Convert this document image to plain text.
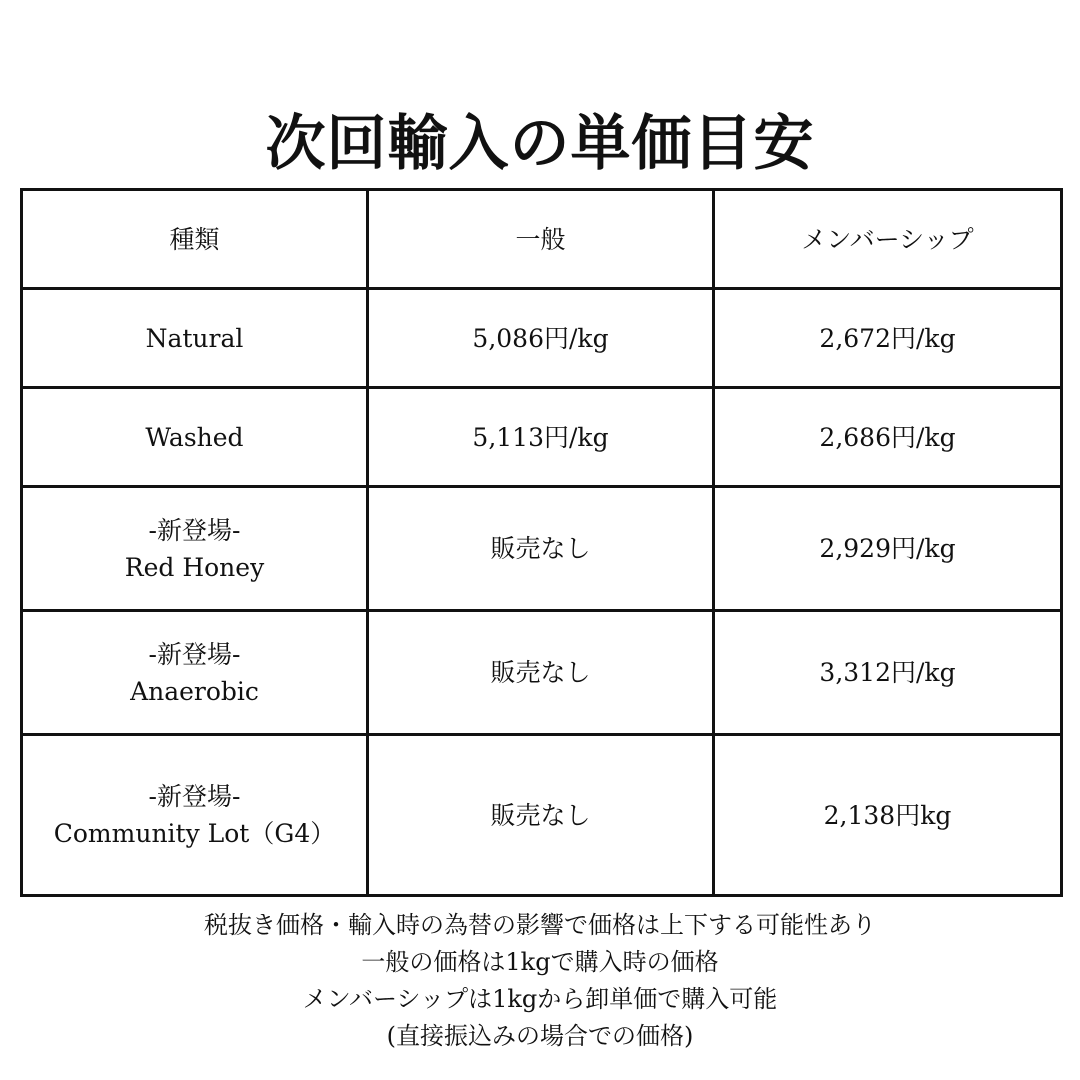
次回輸入の単価目安
種類	一般	メンバーシップ

Natural	5,086円/kg	2,672円/kg

Washed	5,113円/kg	2,686円/kg

-新登場-
Red Honey	販売なし	2,929円/kg

-新登場-
Anaerobic	販売なし	3,312円/kg

-新登場-
Community Lot（G4）	販売なし	2,138円kg
税抜き価格・輸入時の為替の影響で価格は上下する可能性あり
一般の価格は1kgで購入時の価格
メンバーシップは1kgから卸単価で購入可能
(直接振込みの場合での価格)
